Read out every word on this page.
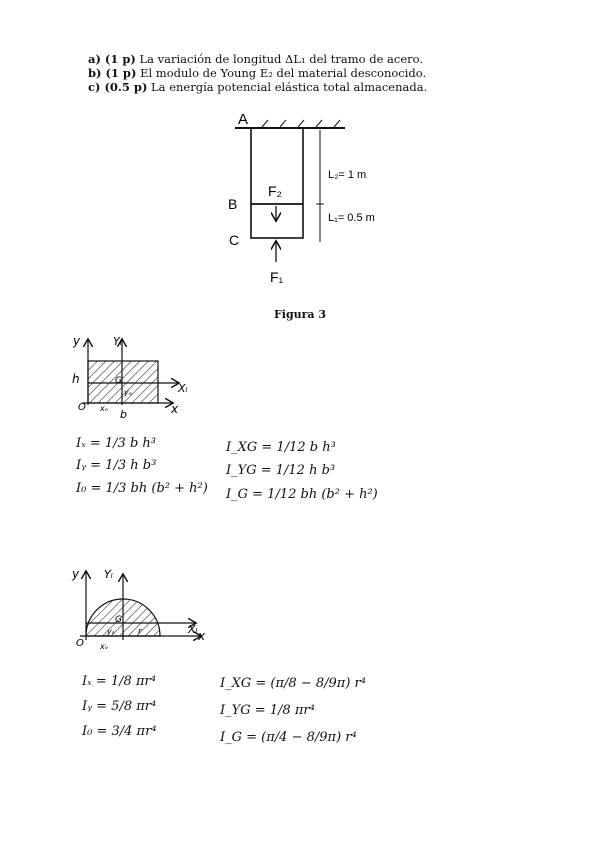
a) (1 p) La variación de longitud ΔL₁ del tramo de acero.
b) (1 p) El modulo de Young E₂ del material desconocido.
c) (0.5 p) La energía potencial elástica total almacenada.
A
B
C
F₂
F₁
L₂= 1 m
L₁= 0.5 m
y	Yₗ
x
Xₗ
O
G
h
b
xₒ
yₒ
y Yₗ
x
Xₗ
O
G
xₒ
yₒ	r
Figura 3
Iₓ = 1/3 b h³
Iᵧ = 1/3 h b³
I₀ = 1/3 bh (b² + h²)
I_XG = 1/12 b h³
I_YG = 1/12 h b³
I_G = 1/12 bh (b² + h²)
Iₓ = 1/8 πr⁴
Iᵧ = 5/8 πr⁴
I₀ = 3/4 πr⁴
I_XG = (π/8 − 8/9π) r⁴
I_YG = 1/8 πr⁴
I_G = (π/4 − 8/9π) r⁴
